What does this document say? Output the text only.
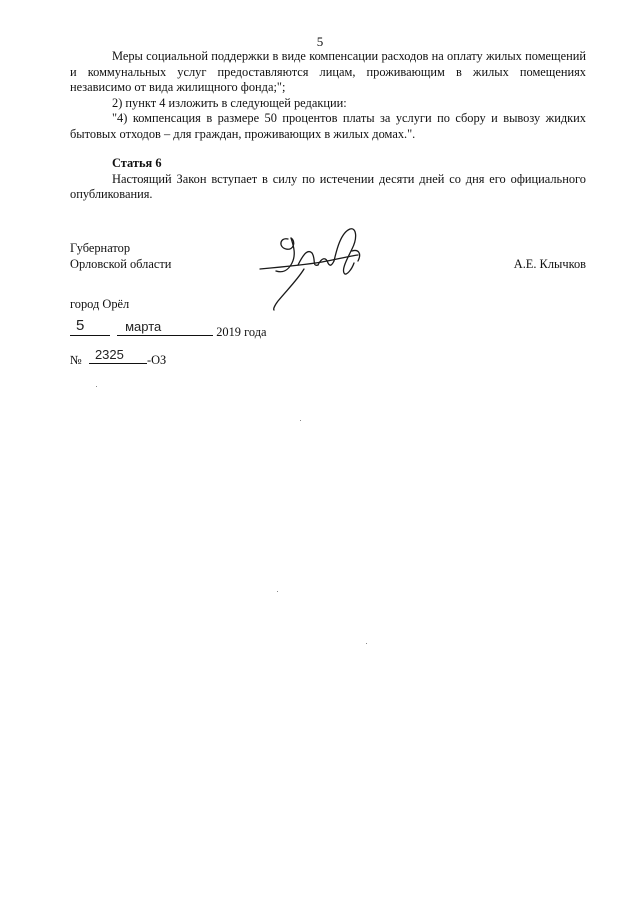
5

Меры социальной поддержки в виде компенсации расходов на оплату жилых помещений и коммунальных услуг предоставляются лицам, проживающим в жилых помещениях независимо от вида жилищного фонда;";

2) пункт 4 изложить в следующей редакции:

"4) компенсация в размере 50 процентов платы за услуги по сбору и вывозу жидких бытовых отходов – для граждан, проживающих в жилых домах.".

Статья 6

Настоящий Закон вступает в силу по истечении десяти дней со дня его официального опубликования.

Губернатор
Орловской области	А.Е. Клычков
город Орёл
5
	марта	2019 года
№ 2325 -ОЗ
